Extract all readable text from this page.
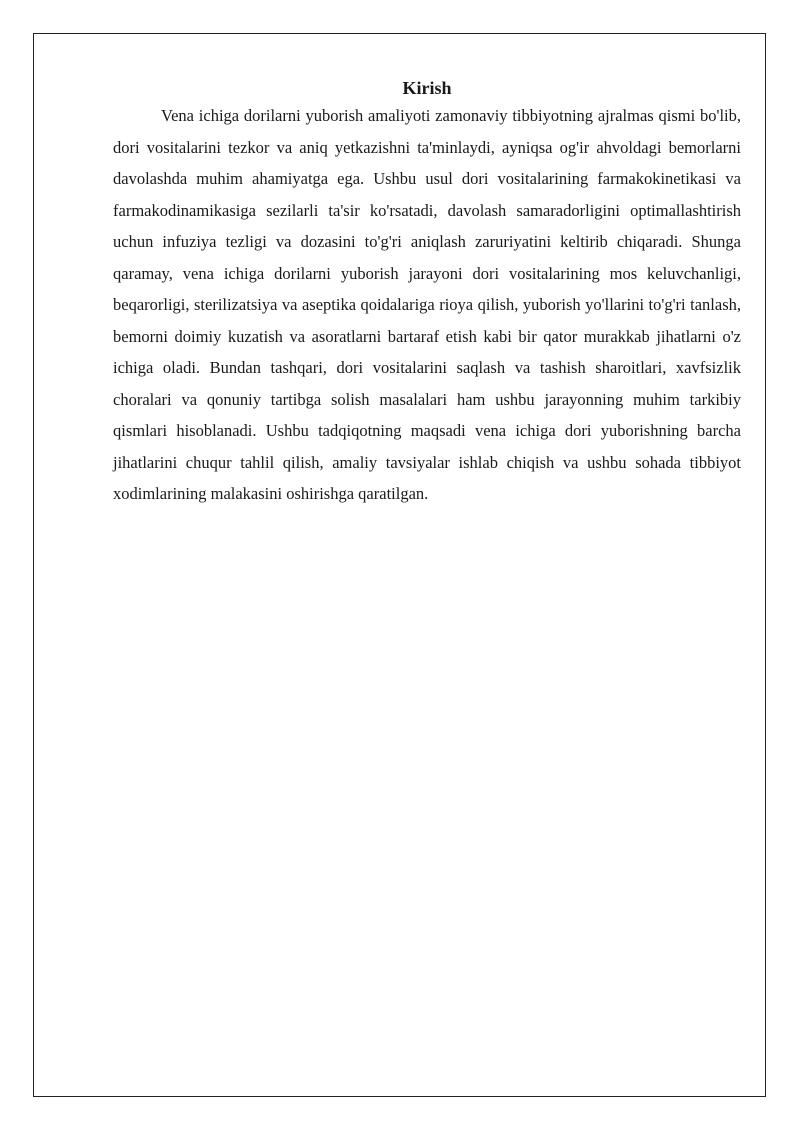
Kirish

Vena ichiga dorilarni yuborish amaliyoti zamonaviy tibbiyotning ajralmas qismi bo'lib, dori vositalarini tezkor va aniq yetkazishni ta'minlaydi, ayniqsa og'ir ahvoldagi bemorlarni davolashda muhim ahamiyatga ega. Ushbu usul dori vositalarining farmakokinetikasi va farmakodinamikasiga sezilarli ta'sir ko'rsatadi, davolash samaradorligini optimallashtirish uchun infuziya tezligi va dozasini to'g'ri aniqlash zaruriyatini keltirib chiqaradi. Shunga qaramay, vena ichiga dorilarni yuborish jarayoni dori vositalarining mos keluvchanligi, beqarorligi, sterilizatsiya va aseptika qoidalariga rioya qilish, yuborish yo'llarini to'g'ri tanlash, bemorni doimiy kuzatish va asoratlarni bartaraf etish kabi bir qator murakkab jihatlarni o'z ichiga oladi. Bundan tashqari, dori vositalarini saqlash va tashish sharoitlari, xavfsizlik choralari va qonuniy tartibga solish masalalari ham ushbu jarayonning muhim tarkibiy qismlari hisoblanadi. Ushbu tadqiqotning maqsadi vena ichiga dori yuborishning barcha jihatlarini chuqur tahlil qilish, amaliy tavsiyalar ishlab chiqish va ushbu sohada tibbiyot xodimlarining malakasini oshirishga qaratilgan.
